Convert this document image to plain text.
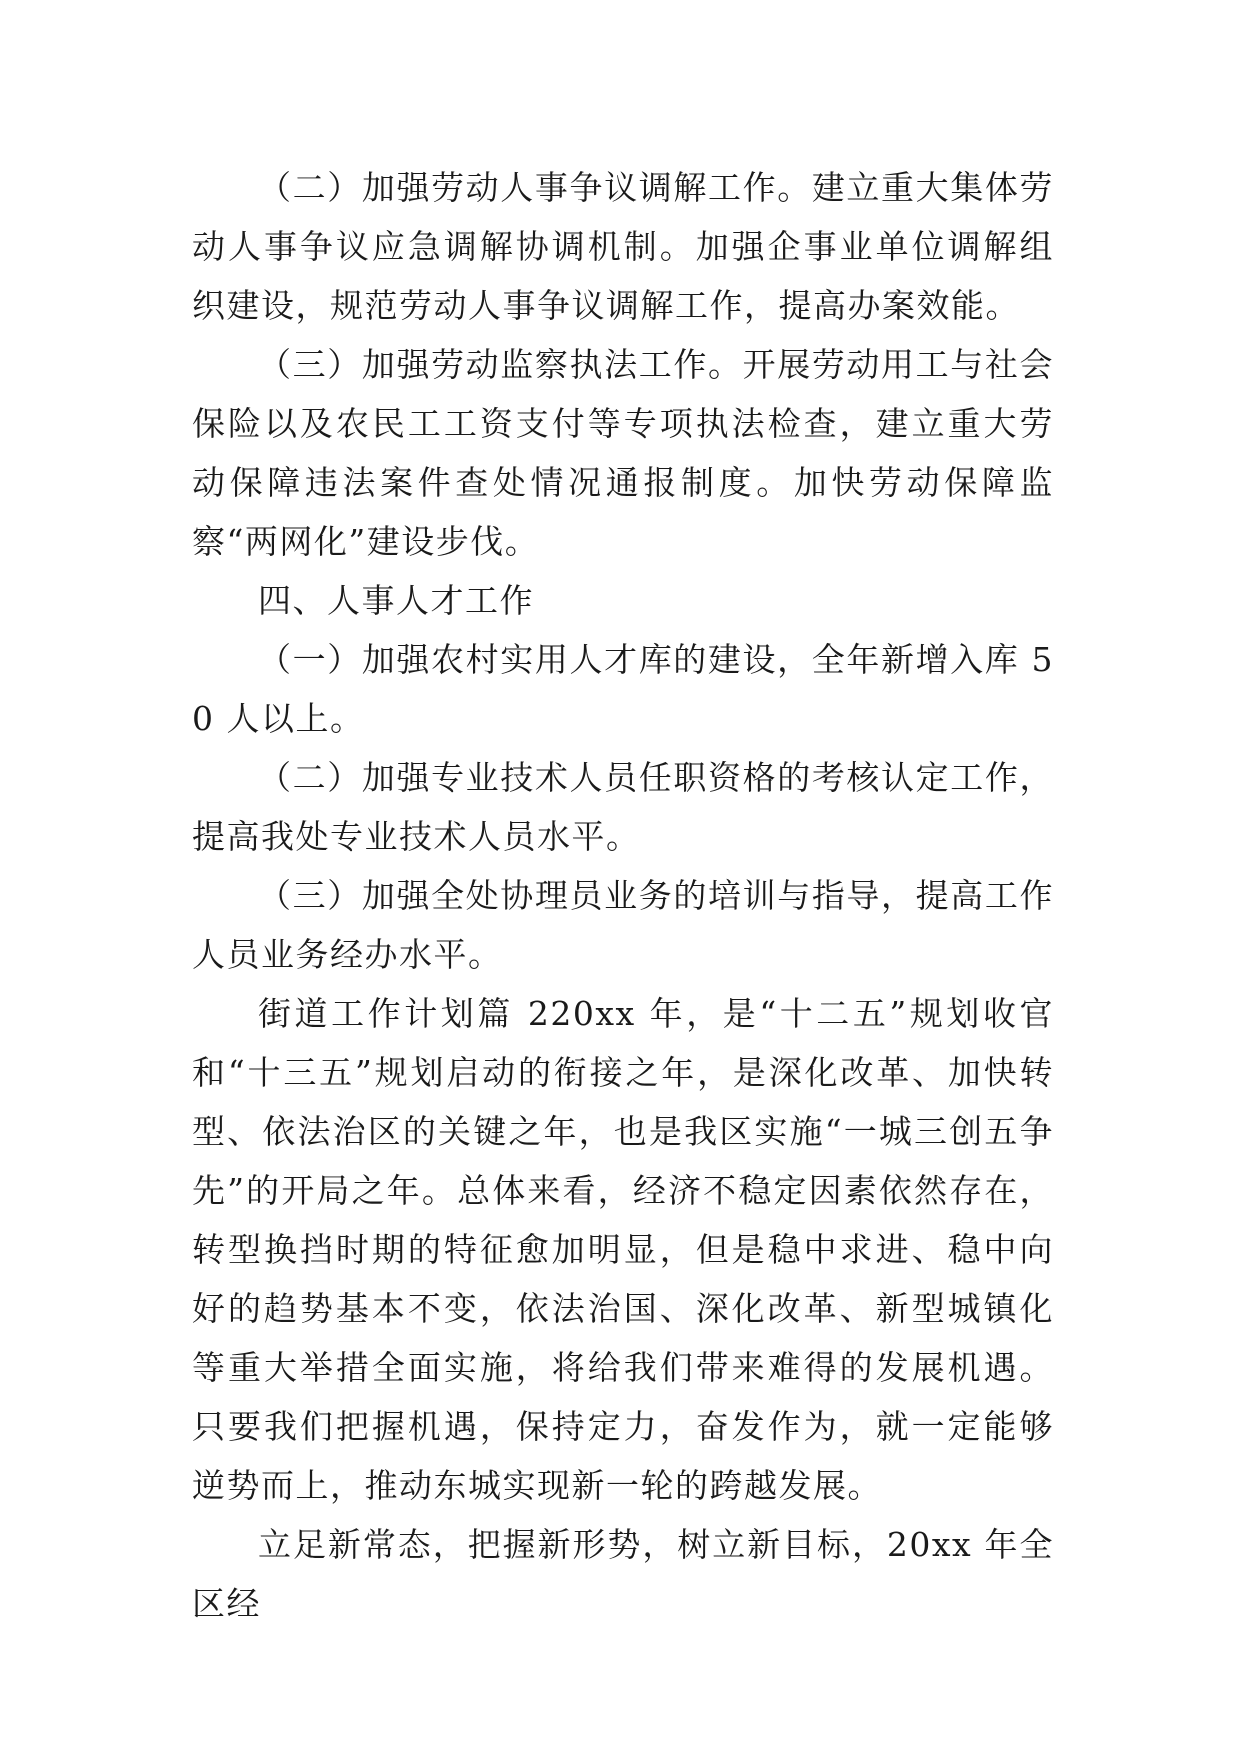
（二）加强劳动人事争议调解工作。建立重大集体劳动人事争议应急调解协调机制。加强企事业单位调解组织建设，规范劳动人事争议调解工作，提高办案效能。

（三）加强劳动监察执法工作。开展劳动用工与社会保险以及农民工工资支付等专项执法检查，建立重大劳动保障违法案件查处情况通报制度。加快劳动保障监察“两网化”建设步伐。

四、人事人才工作

（一）加强农村实用人才库的建设，全年新增入库 50 人以上。

（二）加强专业技术人员任职资格的考核认定工作，提高我处专业技术人员水平。

（三）加强全处协理员业务的培训与指导，提高工作人员业务经办水平。

街道工作计划篇 220xx 年，是“十二五”规划收官和“十三五”规划启动的衔接之年，是深化改革、加快转型、依法治区的关键之年，也是我区实施“一城三创五争先”的开局之年。总体来看，经济不稳定因素依然存在，转型换挡时期的特征愈加明显，但是稳中求进、稳中向好的趋势基本不变，依法治国、深化改革、新型城镇化等重大举措全面实施，将给我们带来难得的发展机遇。只要我们把握机遇，保持定力，奋发作为，就一定能够逆势而上，推动东城实现新一轮的跨越发展。

立足新常态，把握新形势，树立新目标，20xx 年全区经
